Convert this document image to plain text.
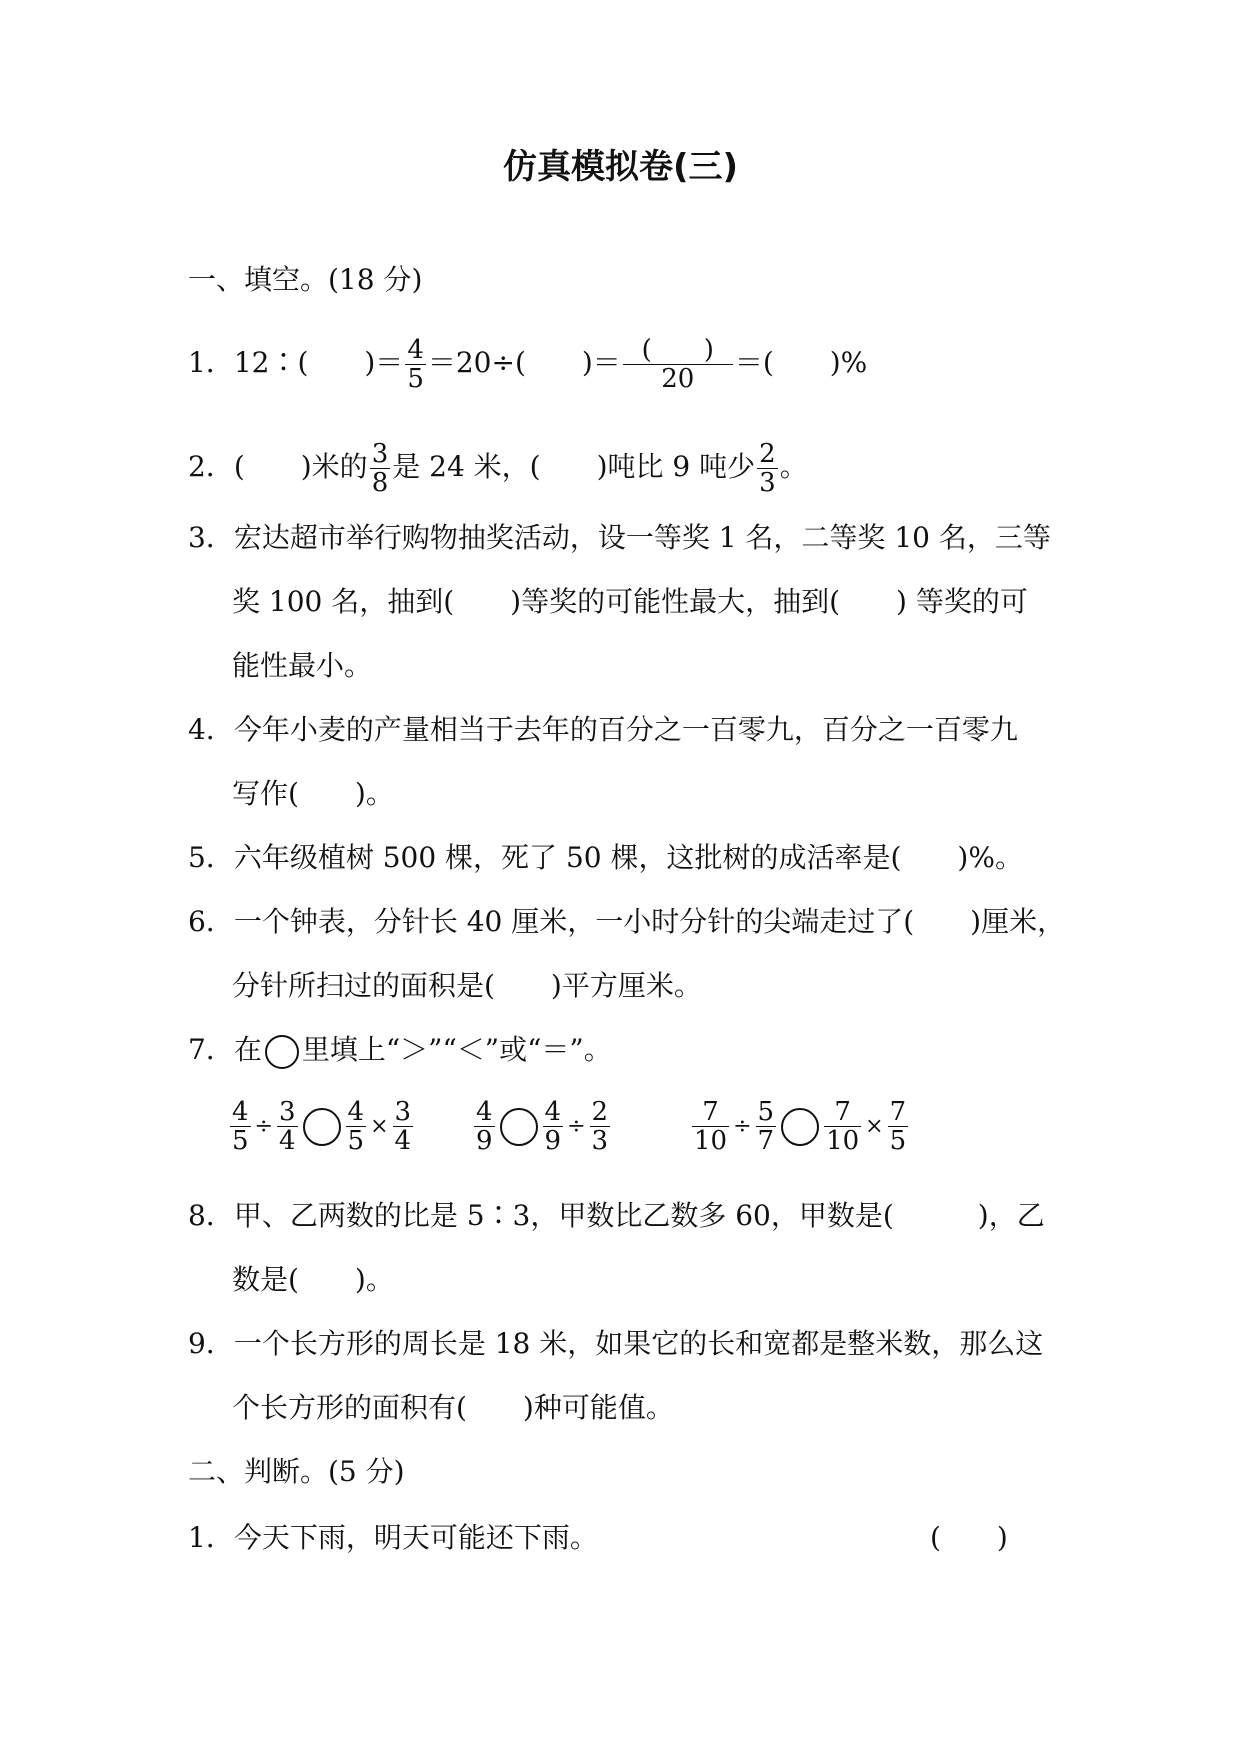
仿真模拟卷(三)
一、填空。(18 分)
1．12∶(　　)＝ $\frac{4}{5} =20\div$(　　)＝ $\frac{( )}{20}$ ＝(　　)%
2．(　　)米的 $\frac{3}{8}$ 是 24 米，(　　)吨比 9 吨少 $\frac{2}{3}$ 。
3．宏达超市举行购物抽奖活动，设一等奖 1 名，二等奖 10 名，三等
奖 100 名，抽到(　　)等奖的可能性最大，抽到(　　) 等奖的可
能性最小。
4．今年小麦的产量相当于去年的百分之一百零九，百分之一百零九
写作(　　)。
5．六年级植树 500 棵，死了 50 棵，这批树的成活率是(　　)%。
6．一个钟表，分针长 40 厘米，一小时分针的尖端走过了(　　)厘米，
分针所扫过的面积是(　　)平方厘米。
7．在 里填上“＞”“＜”或“＝”。
$\frac{4}{5} \div \frac{3}{4} \frac{4}{5} \times \frac{3}{4} \frac{4}{9} \frac{4}{9} \div \frac{2}{3}$	$\frac{7}{10} \div \frac{5}{7} \frac{7}{10} \times \frac{7}{5}$
8．甲、乙两数的比是 5∶3，甲数比乙数多 60，甲数是(　　　)，乙
数是(　　)。
9．一个长方形的周长是 18 米，如果它的长和宽都是整米数，那么这
个长方形的面积有(　　)种可能值。
二、判断。(5 分)
1．今天下雨，明天可能还下雨。	(　　)
